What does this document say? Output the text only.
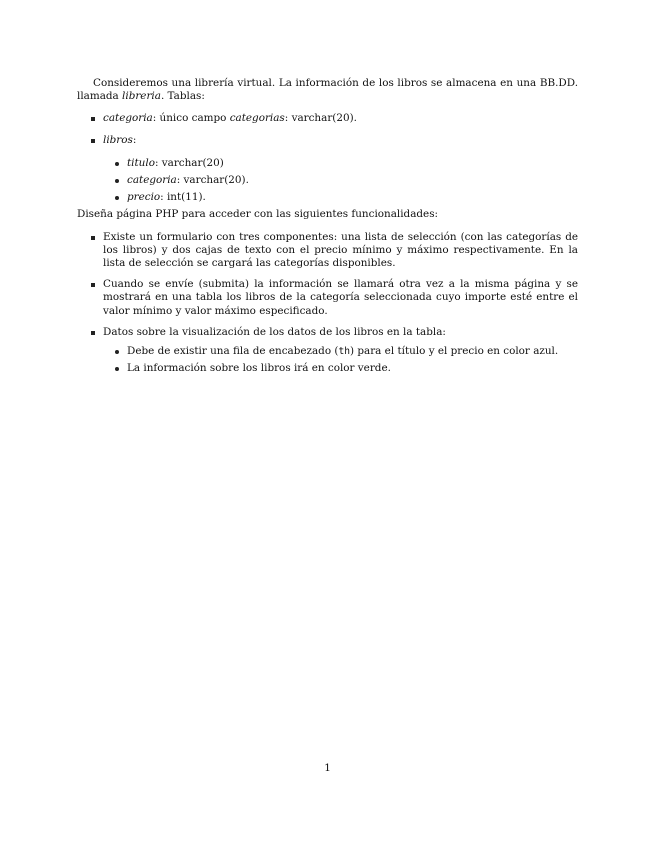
Consideremos una librería virtual. La información de los libros se almacena en una BB.DD. llamada libreria. Tablas:

categoria: único campo categorias: varchar(20).
libros:
titulo: varchar(20)
categoria: varchar(20).
precio: int(11).

Diseña página PHP para acceder con las siguientes funcionalidades:

Existe un formulario con tres componentes: una lista de selección (con las categorías de los libros) y dos cajas de texto con el precio mínimo y máximo respectivamente. En la lista de selección se cargará las categorías disponibles.
Cuando se envíe (submita) la información se llamará otra vez a la misma página y se mostrará en una tabla los libros de la categoría seleccionada cuyo importe esté entre el valor mínimo y valor máximo especificado.
Datos sobre la visualización de los datos de los libros en la tabla:
Debe de existir una fila de encabezado (th) para el título y el precio en color azul.
La información sobre los libros irá en color verde.
1
